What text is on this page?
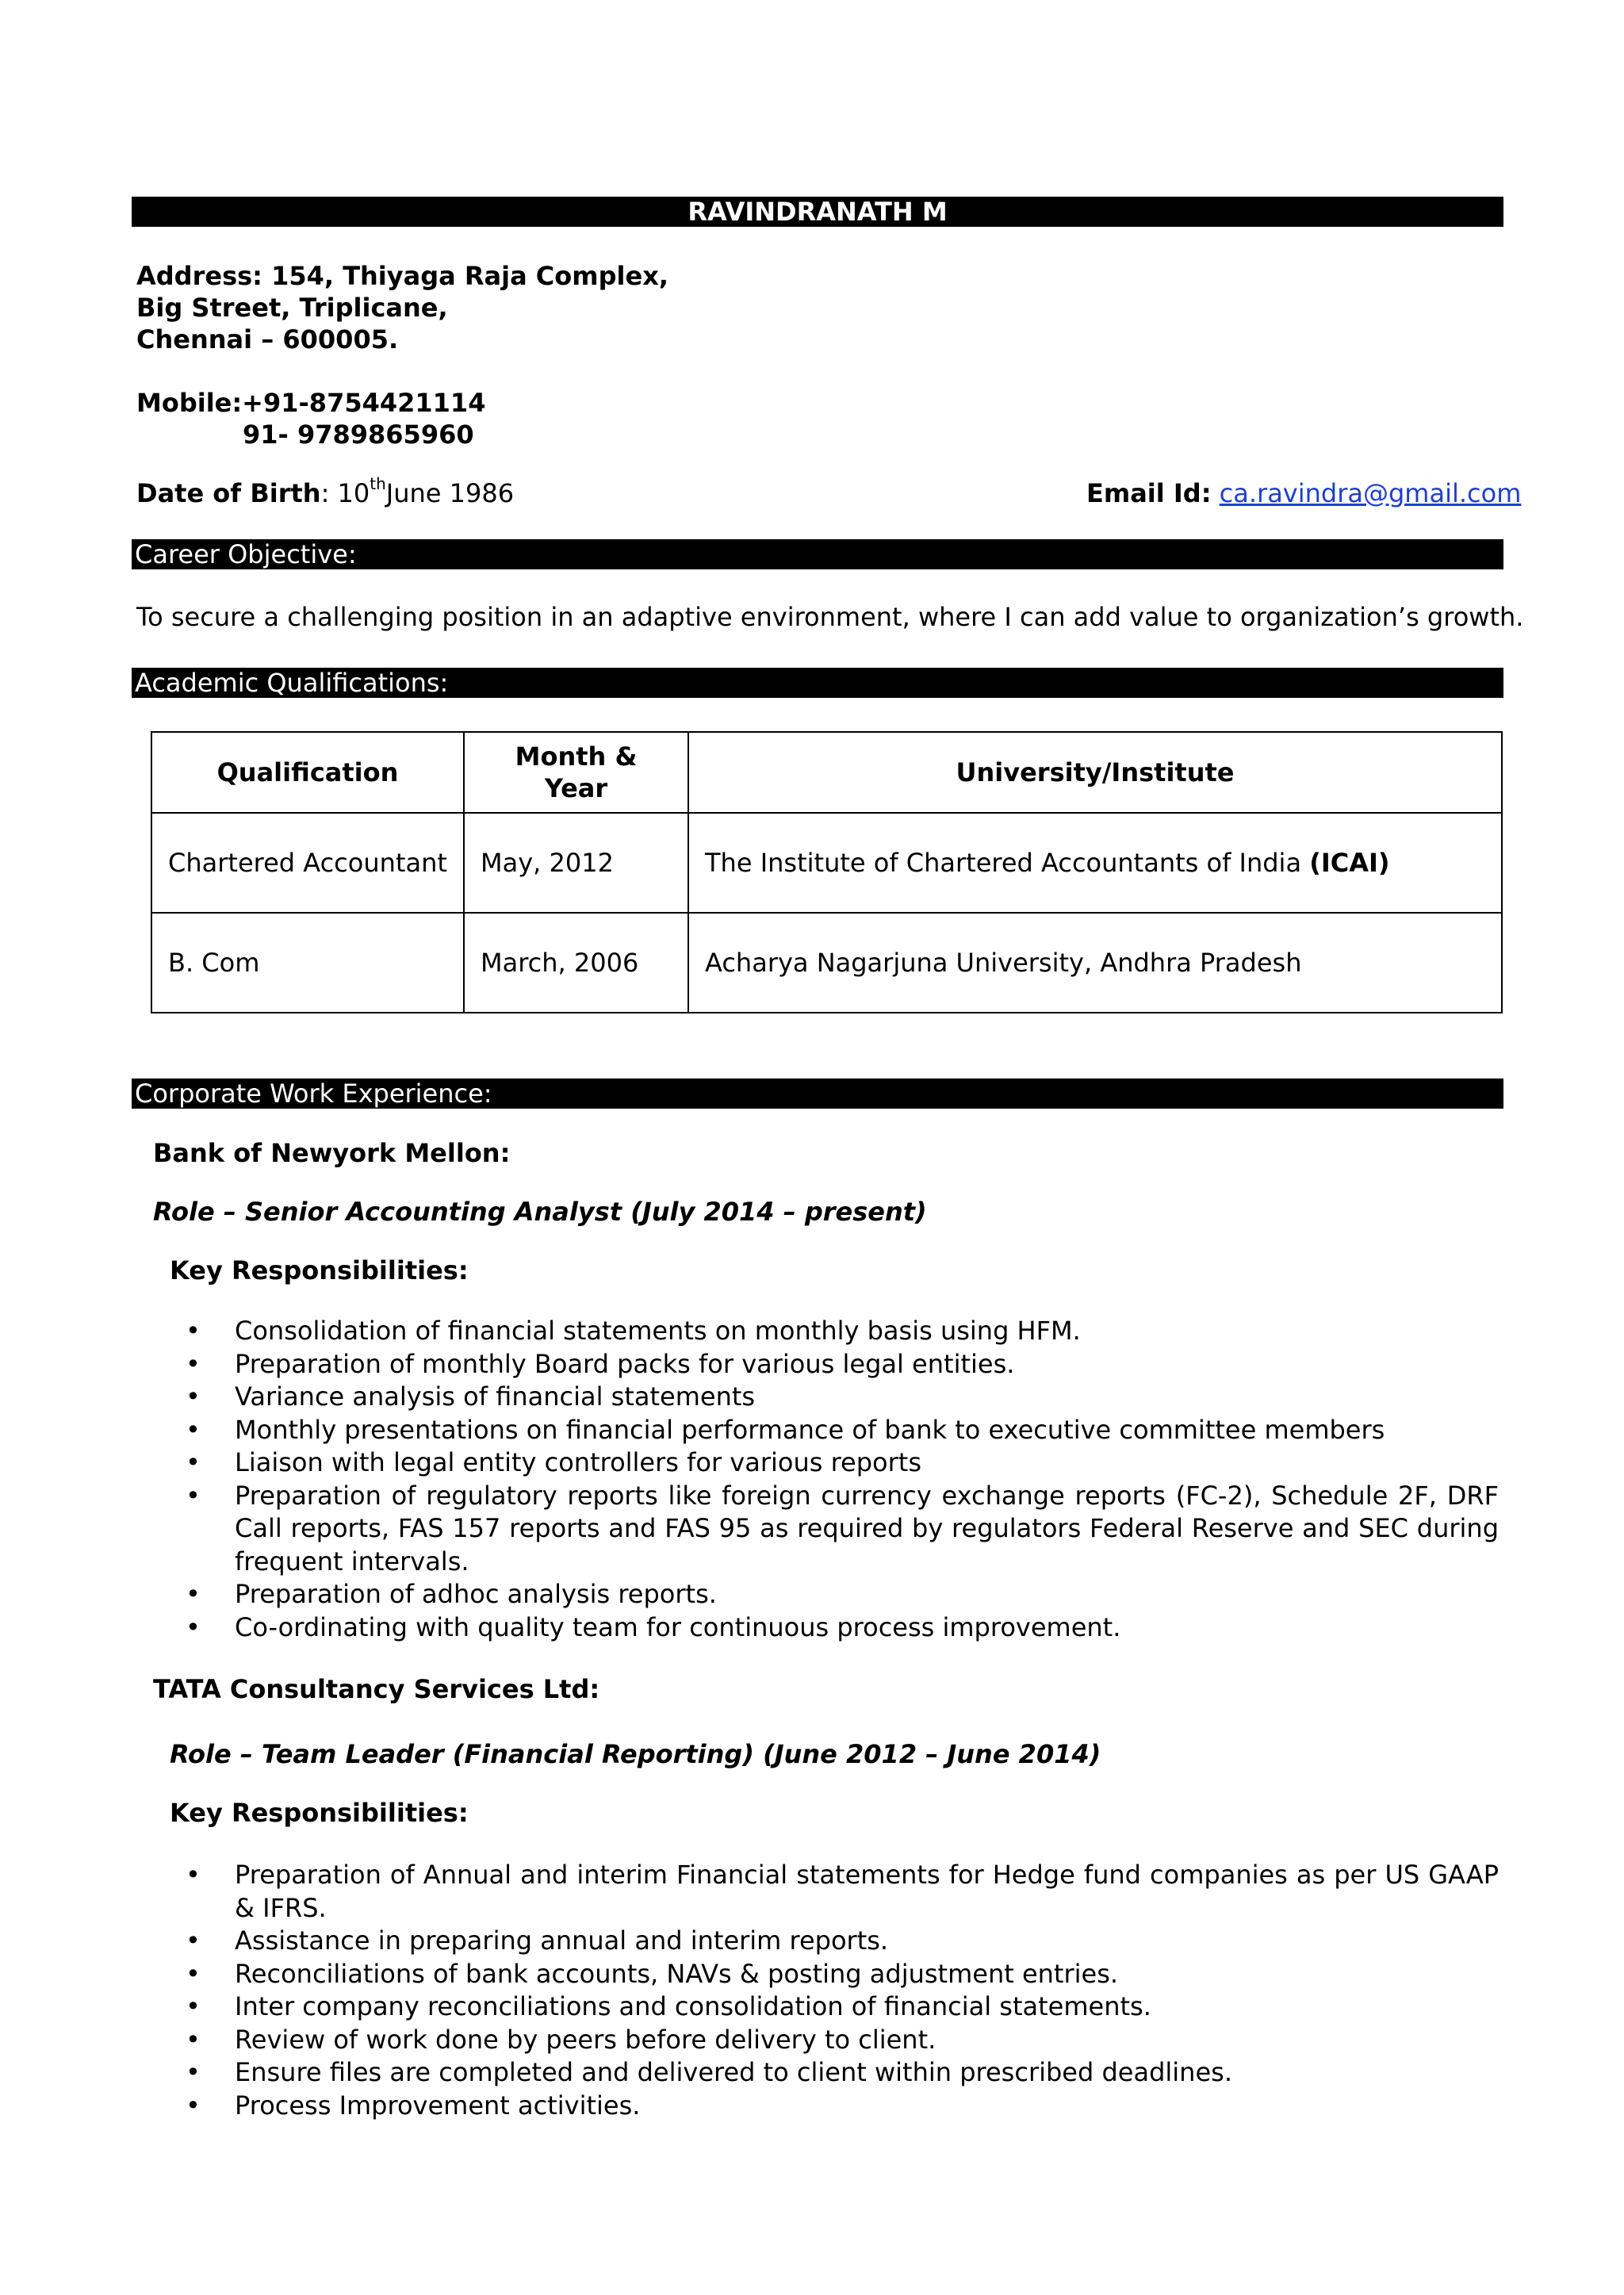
RAVINDRANATH M
Address: 154, Thiyaga Raja Complex,
Big Street, Triplicane,
Chennai – 600005.
Mobile:+91-8754421114
91- 9789865960
Date of Birth: 10thJune 1986	Email Id: ca.ravindra@gmail.com
Career Objective:
To secure a challenging position in an adaptive environment, where I can add value to organization’s growth.
Academic Qualifications:
Qualification	Month & Year	University/Institute
Chartered Accountant	May, 2012	The Institute of Chartered Accountants of India (ICAI)
B. Com	March, 2006	Acharya Nagarjuna University, Andhra Pradesh
Corporate Work Experience:
Bank of Newyork Mellon:
Role – Senior Accounting Analyst (July 2014 – present)
Key Responsibilities:
• Consolidation of financial statements on monthly basis using HFM.
• Preparation of monthly Board packs for various legal entities.
• Variance analysis of financial statements
• Monthly presentations on financial performance of bank to executive committee members
• Liaison with legal entity controllers for various reports
• Preparation of regulatory reports like foreign currency exchange reports (FC-2), Schedule 2F, DRF Call reports, FAS 157 reports and FAS 95 as required by regulators Federal Reserve and SEC during frequent intervals.
• Preparation of adhoc analysis reports.
• Co-ordinating with quality team for continuous process improvement.
TATA Consultancy Services Ltd:
Role – Team Leader (Financial Reporting) (June 2012 – June 2014)
Key Responsibilities:
• Preparation of Annual and interim Financial statements for Hedge fund companies as per US GAAP & IFRS.
• Assistance in preparing annual and interim reports.
• Reconciliations of bank accounts, NAVs & posting adjustment entries.
• Inter company reconciliations and consolidation of financial statements.
• Review of work done by peers before delivery to client.
• Ensure files are completed and delivered to client within prescribed deadlines.
• Process Improvement activities.
